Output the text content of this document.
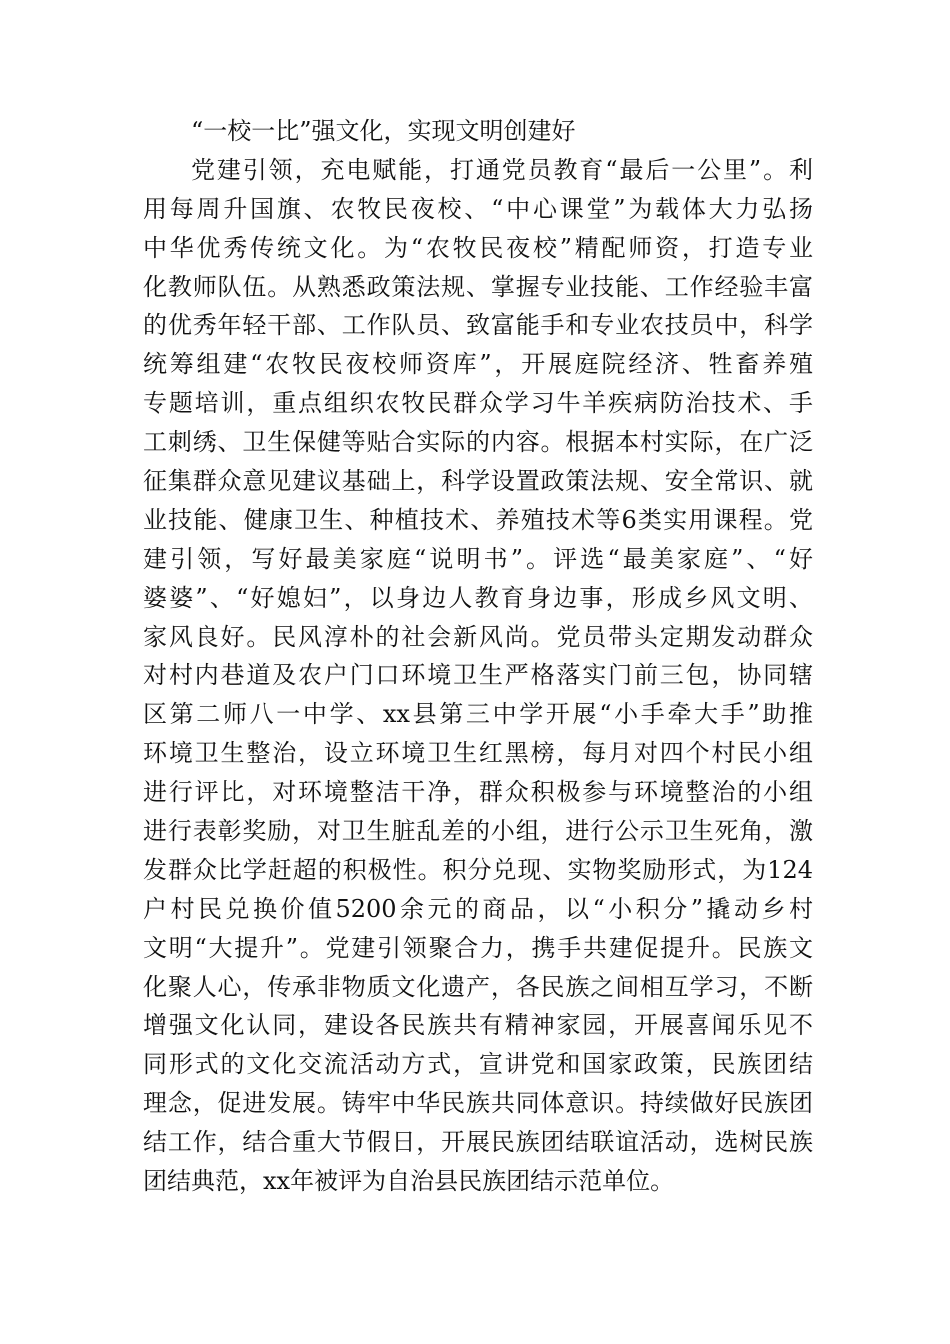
“一校一比”强文化，实现文明创建好
党建引领，充电赋能，打通党员教育“最后一公里”。利
用每周升国旗、农牧民夜校、“中心课堂”为载体大力弘扬
中华优秀传统文化。为“农牧民夜校”精配师资，打造专业
化教师队伍。从熟悉政策法规、掌握专业技能、工作经验丰富
的优秀年轻干部、工作队员、致富能手和专业农技员中，科学
统筹组建“农牧民夜校师资库”，开展庭院经济、牲畜养殖
专题培训，重点组织农牧民群众学习牛羊疾病防治技术、手
工刺绣、卫生保健等贴合实际的内容。根据本村实际，在广泛
征集群众意见建议基础上，科学设置政策法规、安全常识、就
业技能、健康卫生、种植技术、养殖技术等6类实用课程。党
建引领，写好最美家庭“说明书”。评选“最美家庭”、“好
婆婆”、“好媳妇”，以身边人教育身边事，形成乡风文明、
家风良好。民风淳朴的社会新风尚。党员带头定期发动群众
对村内巷道及农户门口环境卫生严格落实门前三包，协同辖
区第二师八一中学、xx县第三中学开展“小手牵大手”助推
环境卫生整治，设立环境卫生红黑榜，每月对四个村民小组
进行评比，对环境整洁干净，群众积极参与环境整治的小组
进行表彰奖励，对卫生脏乱差的小组，进行公示卫生死角，激
发群众比学赶超的积极性。积分兑现、实物奖励形式，为124
户村民兑换价值5200余元的商品，以“小积分”撬动乡村
文明“大提升”。党建引领聚合力，携手共建促提升。民族文
化聚人心，传承非物质文化遗产，各民族之间相互学习，不断
增强文化认同，建设各民族共有精神家园，开展喜闻乐见不
同形式的文化交流活动方式，宣讲党和国家政策，民族团结
理念，促进发展。铸牢中华民族共同体意识。持续做好民族团
结工作，结合重大节假日，开展民族团结联谊活动，选树民族
团结典范，xx年被评为自治县民族团结示范单位。
